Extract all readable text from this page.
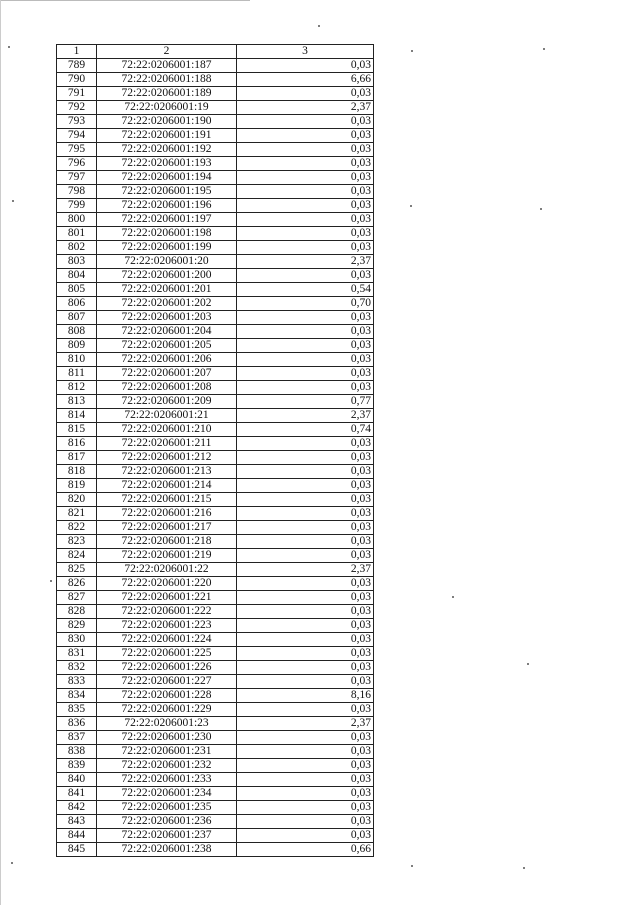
1	2	3
789	72:22:0206001:187	0,03
790	72:22:0206001:188	6,66
791	72:22:0206001:189	0,03
792	72:22:0206001:19	2,37
793	72:22:0206001:190	0,03
794	72:22:0206001:191	0,03
795	72:22:0206001:192	0,03
796	72:22:0206001:193	0,03
797	72:22:0206001:194	0,03
798	72:22:0206001:195	0,03
799	72:22:0206001:196	0,03
800	72:22:0206001:197	0,03
801	72:22:0206001:198	0,03
802	72:22:0206001:199	0,03
803	72:22:0206001:20	2,37
804	72:22:0206001:200	0,03
805	72:22:0206001:201	0,54
806	72:22:0206001:202	0,70
807	72:22:0206001:203	0,03
808	72:22:0206001:204	0,03
809	72:22:0206001:205	0,03
810	72:22:0206001:206	0,03
811	72:22:0206001:207	0,03
812	72:22:0206001:208	0,03
813	72:22:0206001:209	0,77
814	72:22:0206001:21	2,37
815	72:22:0206001:210	0,74
816	72:22:0206001:211	0,03
817	72:22:0206001:212	0,03
818	72:22:0206001:213	0,03
819	72:22:0206001:214	0,03
820	72:22:0206001:215	0,03
821	72:22:0206001:216	0,03
822	72:22:0206001:217	0,03
823	72:22:0206001:218	0,03
824	72:22:0206001:219	0,03
825	72:22:0206001:22	2,37
826	72:22:0206001:220	0,03
827	72:22:0206001:221	0,03
828	72:22:0206001:222	0,03
829	72:22:0206001:223	0,03
830	72:22:0206001:224	0,03
831	72:22:0206001:225	0,03
832	72:22:0206001:226	0,03
833	72:22:0206001:227	0,03
834	72:22:0206001:228	8,16
835	72:22:0206001:229	0,03
836	72:22:0206001:23	2,37
837	72:22:0206001:230	0,03
838	72:22:0206001:231	0,03
839	72:22:0206001:232	0,03
840	72:22:0206001:233	0,03
841	72:22:0206001:234	0,03
842	72:22:0206001:235	0,03
843	72:22:0206001:236	0,03
844	72:22:0206001:237	0,03
845	72:22:0206001:238	0,66
